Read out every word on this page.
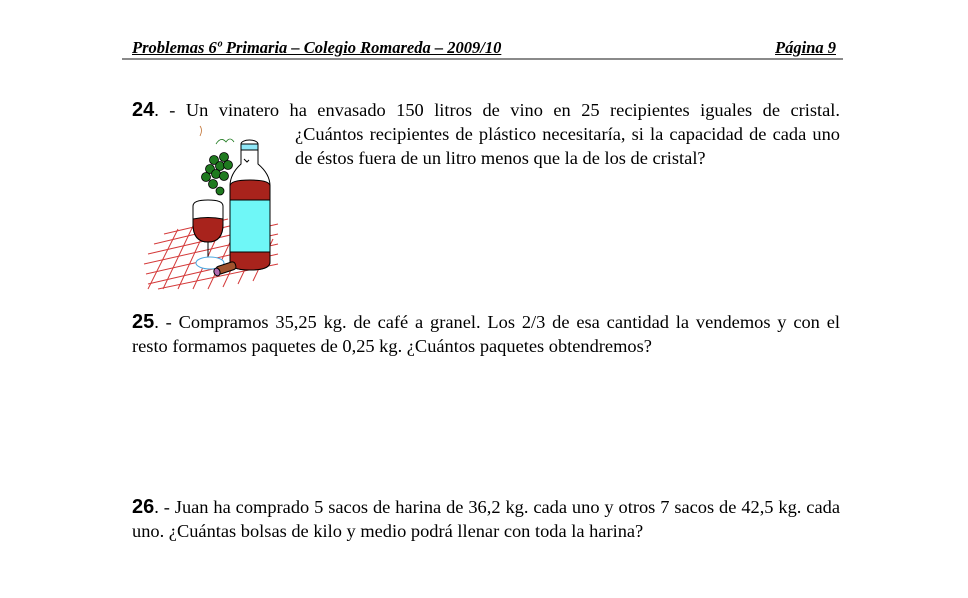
Problemas 6º Primaria – Colegio Romareda – 2009/10	Página 9
24. - Un vinatero ha envasado 150 litros de vino en 25 recipientes iguales de cristal.
¿Cuántos recipientes de plástico necesitaría, si la capacidad de cada uno de éstos fuera de un litro menos que la de los de cristal?
25. - Compramos 35,25 kg. de café a granel. Los 2/3 de esa cantidad la vendemos y con el resto formamos paquetes de 0,25 kg. ¿Cuántos paquetes obtendremos?
26. - Juan ha comprado 5 sacos de harina de 36,2 kg. cada uno y otros 7 sacos de 42,5 kg. cada uno. ¿Cuántas bolsas de kilo y medio podrá llenar con toda la harina?
